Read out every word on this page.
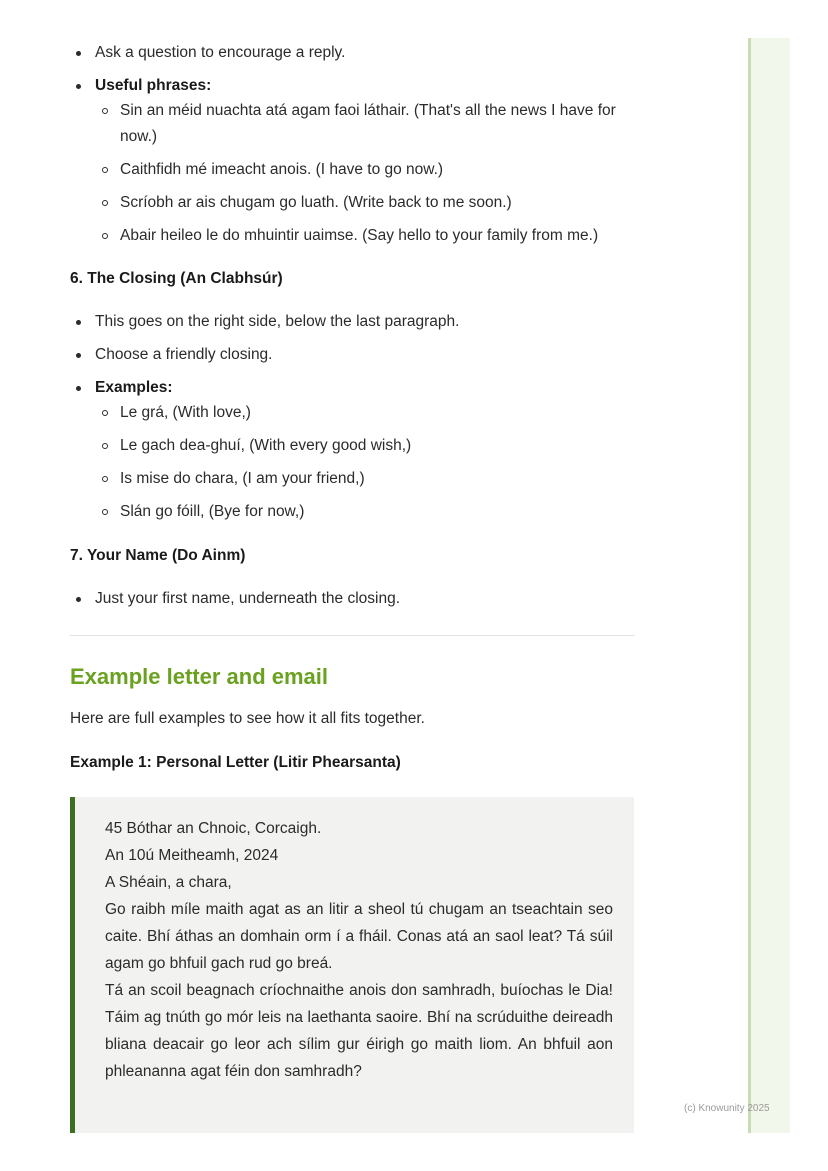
Ask a question to encourage a reply.
Useful phrases:
Sin an méid nuachta atá agam faoi láthair. (That's all the news I have for now.)
Caithfidh mé imeacht anois. (I have to go now.)
Scríobh ar ais chugam go luath. (Write back to me soon.)
Abair heileo le do mhuintir uaimse. (Say hello to your family from me.)
6. The Closing (An Clabhsúr)
This goes on the right side, below the last paragraph.
Choose a friendly closing.
Examples:
Le grá, (With love,)
Le gach dea-ghuí, (With every good wish,)
Is mise do chara, (I am your friend,)
Slán go fóill, (Bye for now,)
7. Your Name (Do Ainm)
Just your first name, underneath the closing.
Example letter and email
Here are full examples to see how it all fits together.
Example 1: Personal Letter (Litir Phearsanta)
45 Bóthar an Chnoic, Corcaigh.
An 10ú Meitheamh, 2024
A Shéain, a chara,
Go raibh míle maith agat as an litir a sheol tú chugam an tseachtain seo caite. Bhí áthas an domhain orm í a fháil. Conas atá an saol leat? Tá súil agam go bhfuil gach rud go breá.
Tá an scoil beagnach críochnaithe anois don samhradh, buíochas le Dia! Táim ag tnúth go mór leis na laethanta saoire. Bhí na scrúduithe deireadh bliana deacair go leor ach sílim gur éirigh go maith liom. An bhfuil aon phleananna agat féin don samhradh?
(c) Knowunity 2025
